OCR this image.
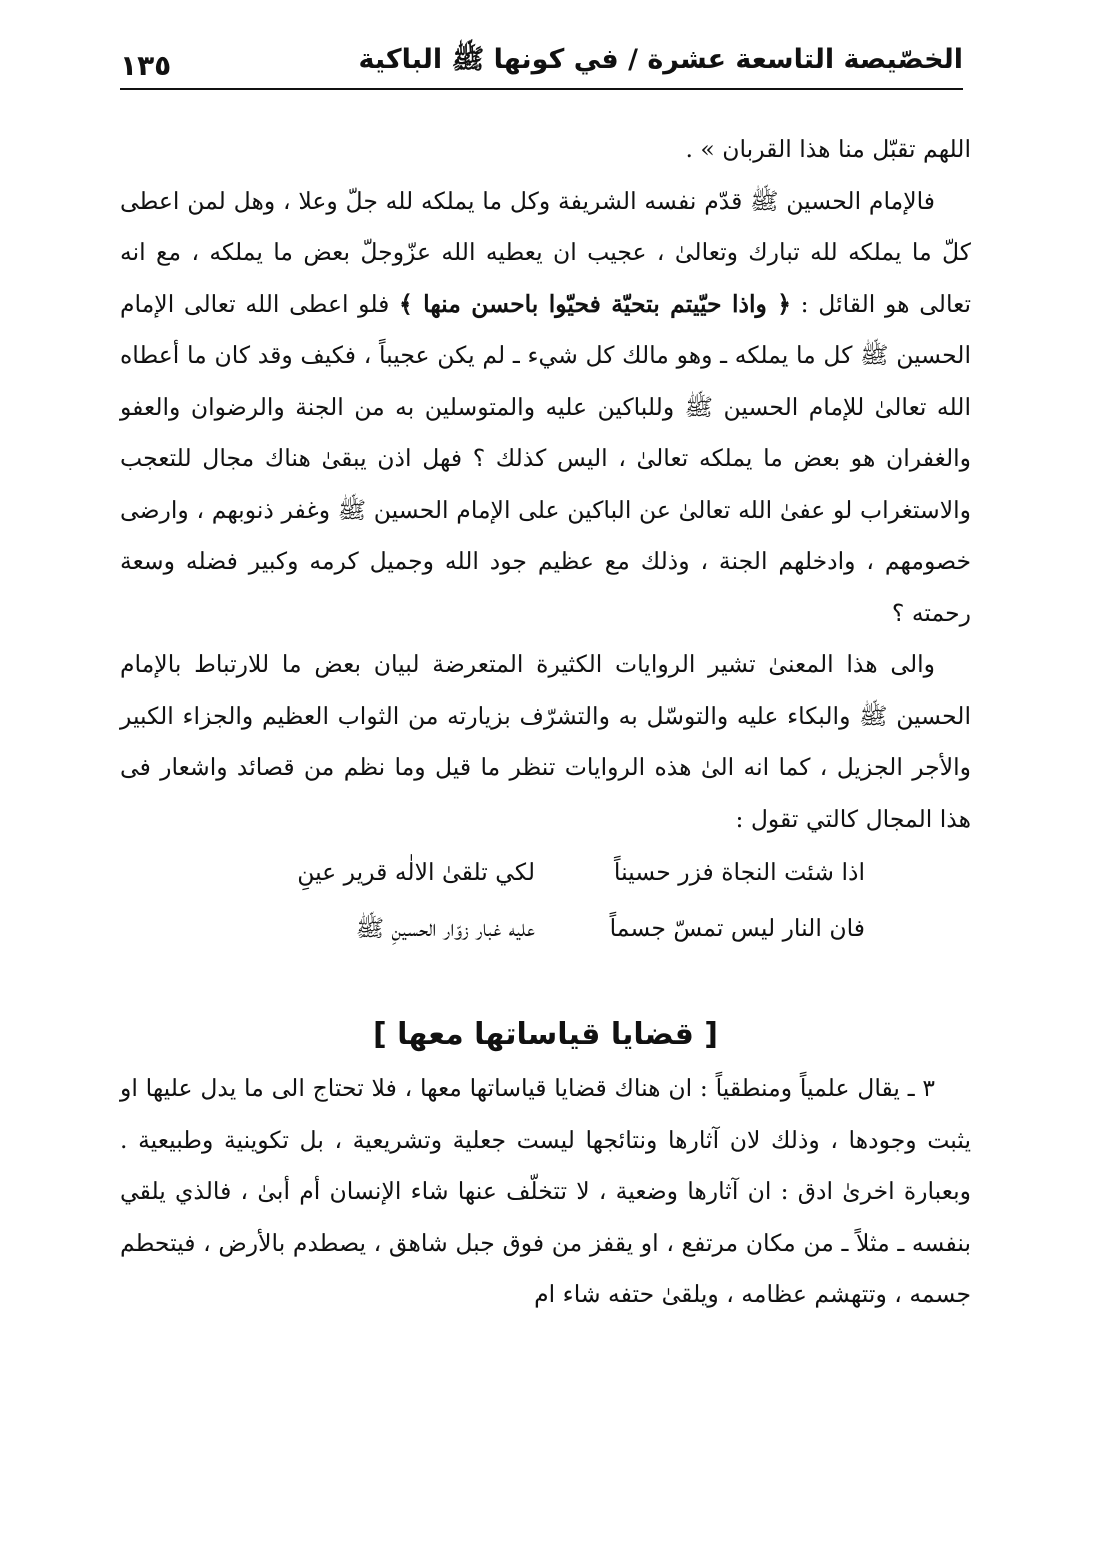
الخصّيصة التاسعة عشرة / في كونها ﷺ الباكية
١٣٥

اللهم تقبّل منا هذا القربان » .

فالإمام الحسين ﷺ قدّم نفسه الشريفة وكل ما يملكه لله جلّ وعلا ، وهل لمن اعطى كلّ ما يملكه لله تبارك وتعالىٰ ، عجيب ان يعطيه الله عزّوجلّ بعض ما يملكه ، مع انه تعالى هو القائل : ﴿ واذا حيّيتم بتحيّة فحيّوا باحسن منها ﴾ فلو اعطى الله تعالى الإمام الحسين ﷺ كل ما يملكه ـ وهو مالك كل شيء ـ لم يكن عجيباً ، فكيف وقد كان ما أعطاه الله تعالىٰ للإمام الحسين ﷺ وللباكين عليه والمتوسلين به من الجنة والرضوان والعفو والغفران هو بعض ما يملكه تعالىٰ ، اليس كذلك ؟ فهل اذن يبقىٰ هناك مجال للتعجب والاستغراب لو عفىٰ الله تعالىٰ عن الباكين على الإمام الحسين ﷺ وغفر ذنوبهم ، وارضى خصومهم ، وادخلهم الجنة ، وذلك مع عظيم جود الله وجميل كرمه وكبير فضله وسعة رحمته ؟

والى هذا المعنىٰ تشير الروايات الكثيرة المتعرضة لبيان بعض ما للارتباط بالإمام الحسين ﷺ والبكاء عليه والتوسّل به والتشرّف بزيارته من الثواب العظيم والجزاء الكبير والأجر الجزيل ، كما انه الىٰ هذه الروايات تنظر ما قيل وما نظم من قصائد واشعار فى هذا المجال كالتي تقول :

اذا شئت النجاة فزر حسيناً
لكي تلقىٰ الالٰه قرير عينِ
فان النار ليس تمسّ جسماً
عليه غبار زوّار الحسينِ ﷺ
[ قضايا قياساتها معها ]

٣ ـ يقال علمياً ومنطقياً : ان هناك قضايا قياساتها معها ، فلا تحتاج الى ما يدل عليها او يثبت وجودها ، وذلك لان آثارها ونتائجها ليست جعلية وتشريعية ، بل تكوينية وطبيعية . وبعبارة اخرىٰ ادق : ان آثارها وضعية ، لا تتخلّف عنها شاء الإنسان أم أبىٰ ، فالذي يلقي بنفسه ـ مثلاً ـ من مكان مرتفع ، او يقفز من فوق جبل شاهق ، يصطدم بالأرض ، فيتحطم جسمه ، وتتهشم عظامه ، ويلقىٰ حتفه شاء ام
